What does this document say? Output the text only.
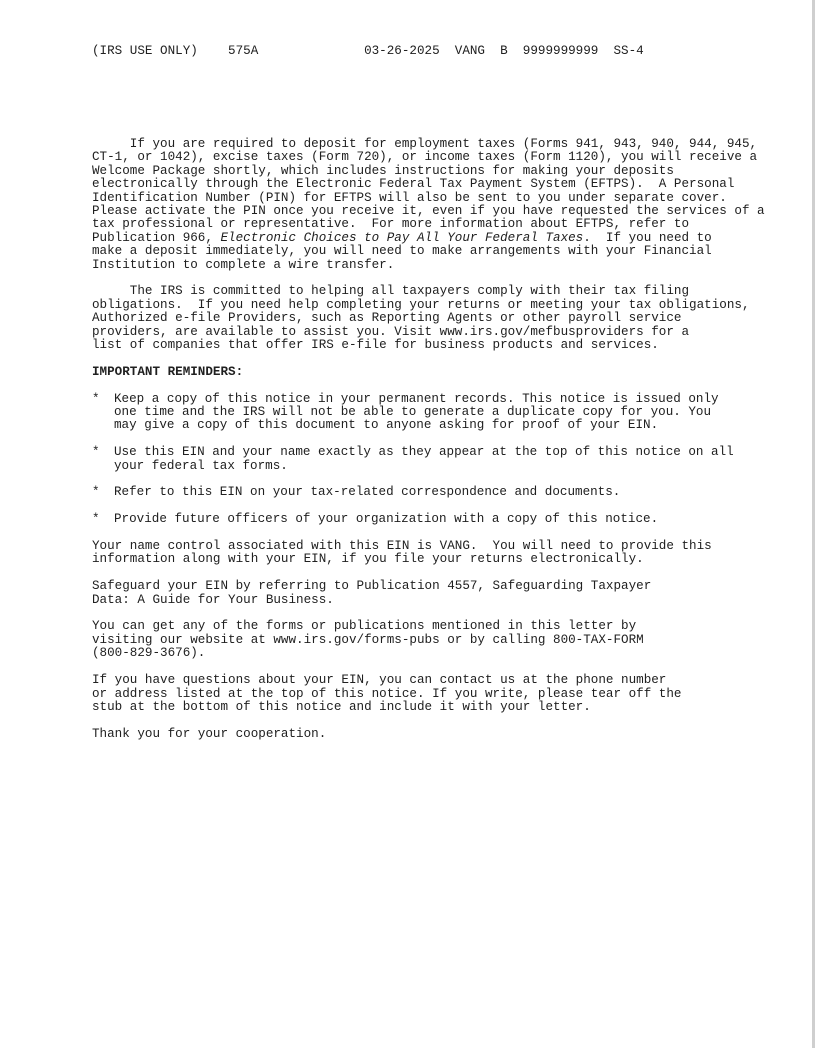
(IRS USE ONLY)    575A              03-26-2025  VANG  B  9999999999  SS-4
If you are required to deposit for employment taxes (Forms 941, 943, 940, 944, 945,
CT-1, or 1042), excise taxes (Form 720), or income taxes (Form 1120), you will receive a
Welcome Package shortly, which includes instructions for making your deposits
electronically through the Electronic Federal Tax Payment System (EFTPS).  A Personal
Identification Number (PIN) for EFTPS will also be sent to you under separate cover.
Please activate the PIN once you receive it, even if you have requested the services of a
tax professional or representative.  For more information about EFTPS, refer to
Publication 966, Electronic Choices to Pay All Your Federal Taxes.  If you need to
make a deposit immediately, you will need to make arrangements with your Financial
Institution to complete a wire transfer.
The IRS is committed to helping all taxpayers comply with their tax filing
obligations.  If you need help completing your returns or meeting your tax obligations,
Authorized e-file Providers, such as Reporting Agents or other payroll service
providers, are available to assist you. Visit www.irs.gov/mefbusproviders for a
list of companies that offer IRS e-file for business products and services.
IMPORTANT REMINDERS:
*	Keep a copy of this notice in your permanent records. This notice is issued only
one time and the IRS will not be able to generate a duplicate copy for you. You
may give a copy of this document to anyone asking for proof of your EIN.
*	Use this EIN and your name exactly as they appear at the top of this notice on all
your federal tax forms.
*	Refer to this EIN on your tax-related correspondence and documents.
*	Provide future officers of your organization with a copy of this notice.
Your name control associated with this EIN is VANG.  You will need to provide this
information along with your EIN, if you file your returns electronically.
Safeguard your EIN by referring to Publication 4557, Safeguarding Taxpayer
Data: A Guide for Your Business.
You can get any of the forms or publications mentioned in this letter by
visiting our website at www.irs.gov/forms-pubs or by calling 800-TAX-FORM
(800-829-3676).
If you have questions about your EIN, you can contact us at the phone number
or address listed at the top of this notice. If you write, please tear off the
stub at the bottom of this notice and include it with your letter.
Thank you for your cooperation.
